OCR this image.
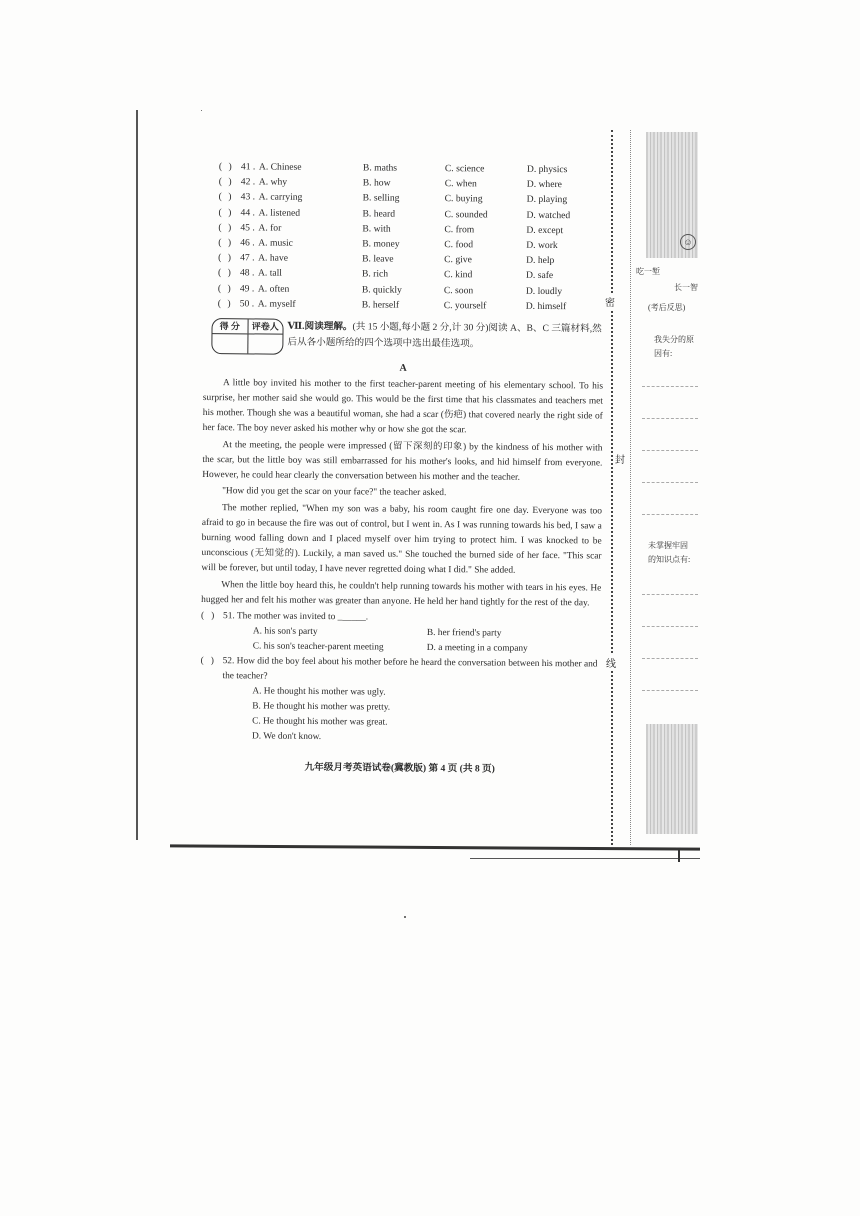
(
) 41 . A. Chinese	B. maths	C. science	D. physics
(
) 42 . A. why	B. how	C. when	D. where
(
) 43 . A. carrying	B. selling	C. buying	D. playing
(
) 44 . A. listened	B. heard	C. sounded	D. watched
(
) 45 . A. for	B. with	C. from	D. except
(
) 46 . A. music	B. money	C. food	D. work
(
) 47 . A. have	B. leave	C. give	D. help
(
) 48 . A. tall	B. rich	C. kind	D. safe
(
) 49 . A. often	B. quickly	C. soon	D. loudly
(
) 50 . A. myself	B. herself	C. yourself	D. himself
得 分	评卷人 Ⅶ.阅读理解。(共 15 小题,每小题 2 分,计 30 分)阅读 A、B、C 三篇材料,然后从各小题所给的四个选项中选出最佳选项。
A

A little boy invited his mother to the first teacher-parent meeting of his elementary school. To his surprise, her mother said she would go. This would be the first time that his classmates and teachers met his mother. Though she was a beautiful woman, she had a scar (伤疤) that covered nearly the right side of her face. The boy never asked his mother why or how she got the scar.

At the meeting, the people were impressed (留下深刻的印象) by the kindness of his mother with the scar, but the little boy was still embarrassed for his mother's looks, and hid himself from everyone. However, he could hear clearly the conversation between his mother and the teacher.

"How did you get the scar on your face?" the teacher asked.

The mother replied, "When my son was a baby, his room caught fire one day. Everyone was too afraid to go in because the fire was out of control, but I went in. As I was running towards his bed, I saw a burning wood falling down and I placed myself over him trying to protect him. I was knocked to be unconscious (无知觉的). Luckily, a man saved us." She touched the burned side of her face. "This scar will be forever, but until today, I have never regretted doing what I did." She added.

When the little boy heard this, he couldn't help running towards his mother with tears in his eyes. He hugged her and felt his mother was greater than anyone. He held her hand tightly for the rest of the day.

( ) 51. The mother was invited to ______.
A. his son's party	B. her friend's party
C. his son's teacher-parent meeting	D. a meeting in a company
( ) 52. How did the boy feel about his mother before he heard the conversation between his mother and the teacher?
A. He thought his mother was ugly.
B. He thought his mother was pretty.
C. He thought his mother was great.
D. We don't know.
九年级月考英语试卷(冀教版) 第 4 页 (共 8 页)
密
封
线
☺
吃一堑
长一智
(考后反思)
我失分的原
因有:
未掌握牢固
的知识点有:
